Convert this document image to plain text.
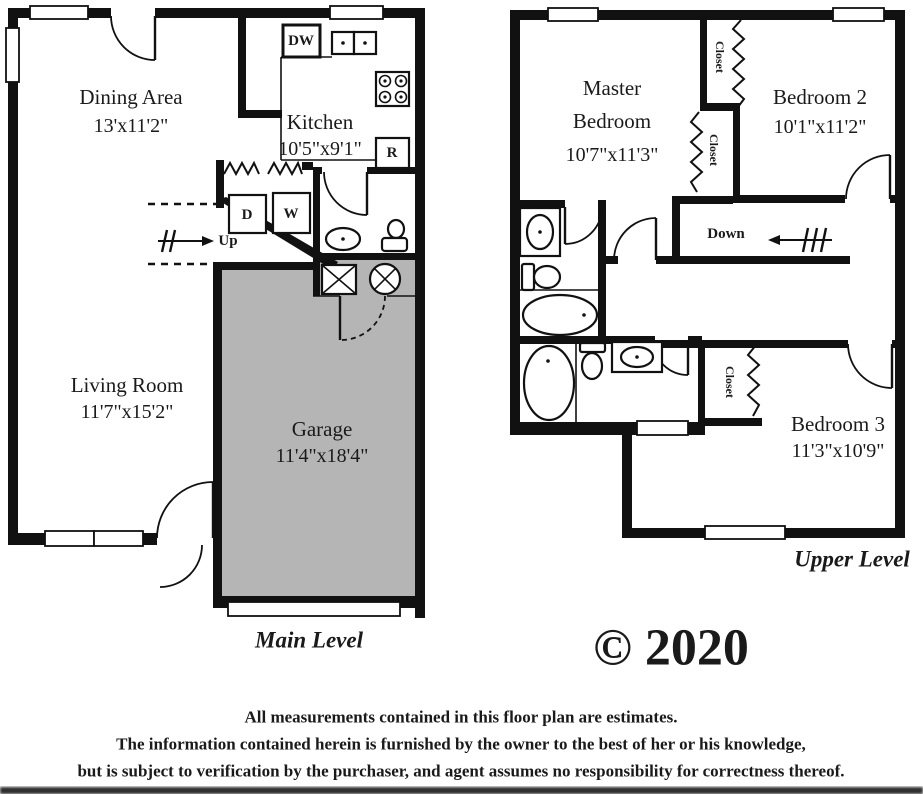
Dining Area
13'x11'2"	Kitchen
10'5"x9'1"
Living Room
11'7"x15'2"
Garage
11'4"x18'4"
DW
R
D W
Up
Main Level
Master
Bedroom
10'7"x11'3"
Bedroom 2
10'1"x11'2"
Bedroom 3
11'3"x10'9"
Closet
Closet
Closet
Down
Upper Level
© 2020
All measurements contained in this floor plan are estimates.
The information contained herein is furnished by the owner to the best of her or his knowledge,
but is subject to verification by the purchaser, and agent assumes no responsibility for correctness thereof.
